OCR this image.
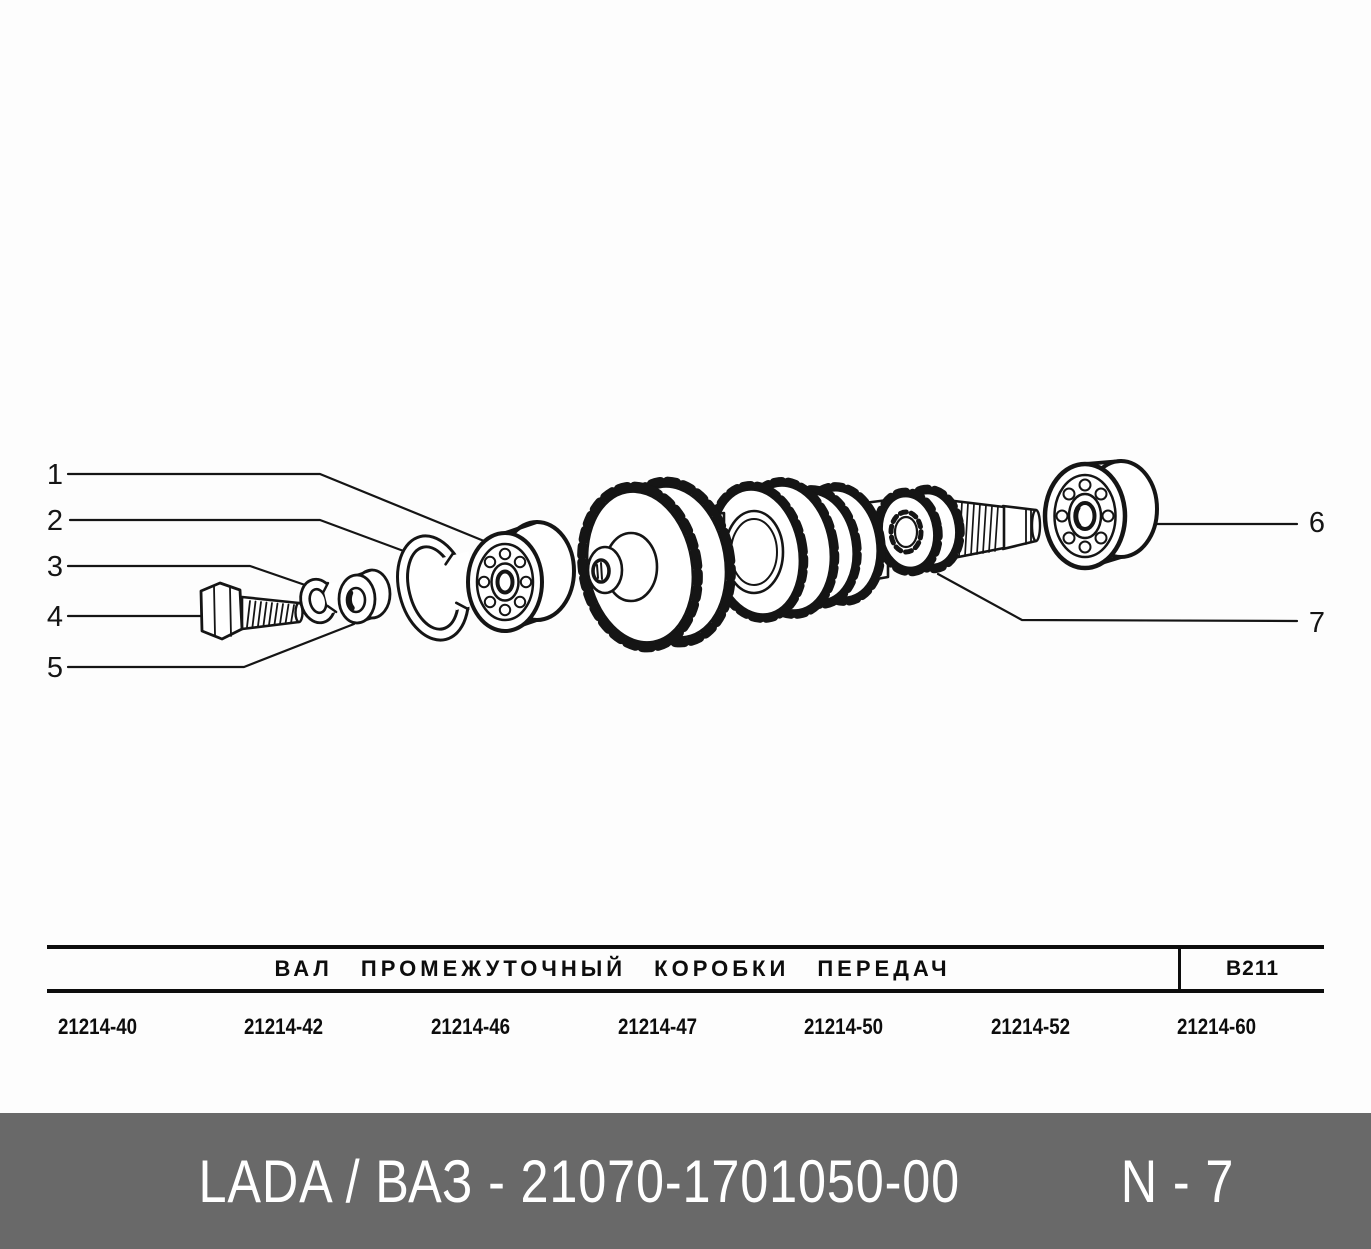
1
2
3
4
5
6
7
ВАЛ ПРОМЕЖУТОЧНЫЙ КОРОБКИ ПЕРЕДАЧ	B211
21214-40	21214-42	21214-46	21214-47	21214-50	21214-52	21214-60
LADA / ВАЗ - 21070-1701050-00	N - 7
